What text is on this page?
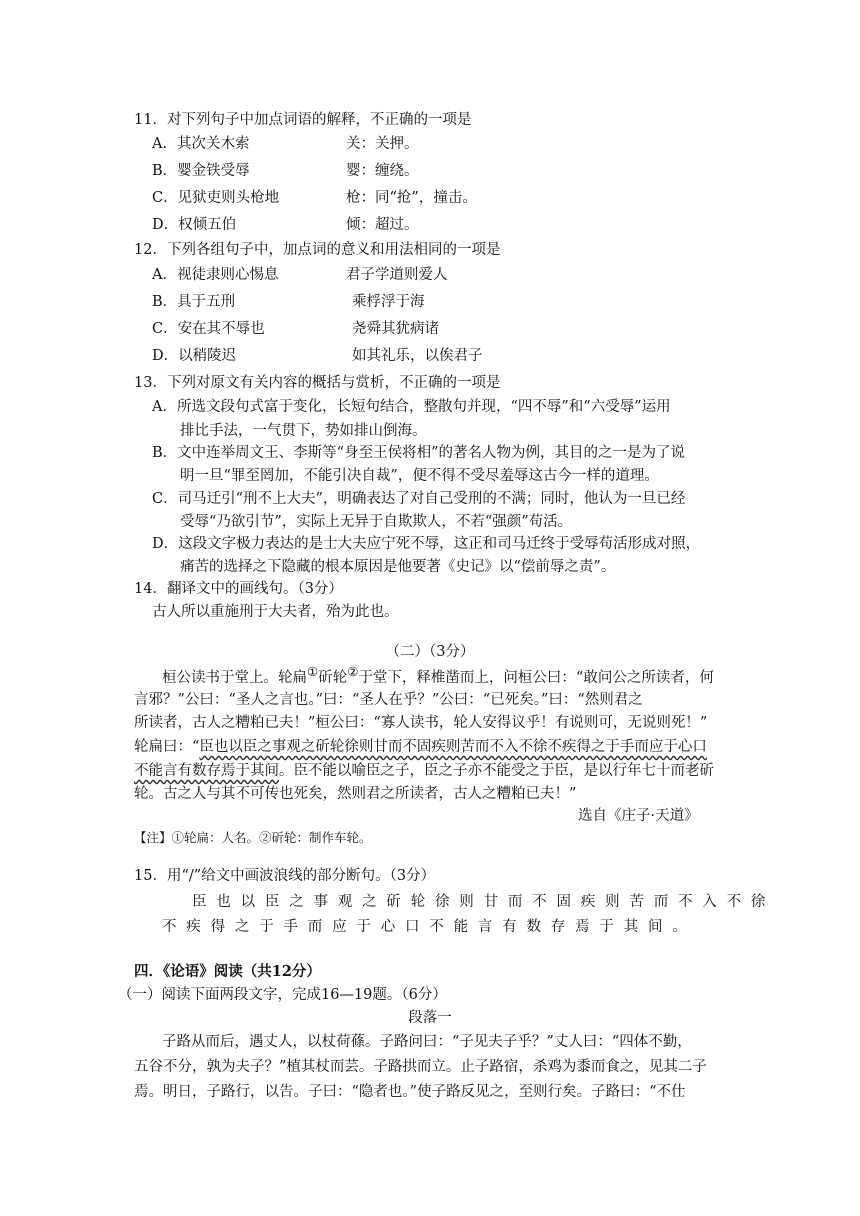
11．对下列句子中加点词语的解释，不正确的一项是
A．其次关木索	关：关押。
B．婴金铁受辱	婴：缠绕。
C．见狱吏则头枪地	枪：同“抢”，撞击。
D．权倾五伯	倾：超过。
12．下列各组句子中，加点词的意义和用法相同的一项是
A．视徒隶则心惕息	君子学道则爱人
B．具于五刑	乘桴浮于海
C．安在其不辱也	尧舜其犹病诸
D．以稍陵迟	如其礼乐，以俟君子
13．下列对原文有关内容的概括与赏析，不正确的一项是
A．所选文段句式富于变化，长短句结合，整散句并现，“四不辱”和“六受辱”运用
排比手法，一气贯下，势如排山倒海。
B．文中连举周文王、李斯等“身至王侯将相”的著名人物为例，其目的之一是为了说
明一旦“罪至罔加，不能引决自裁”，便不得不受尽羞辱这古今一样的道理。
C．司马迁引“刑不上大夫”，明确表达了对自己受刑的不满；同时，他认为一旦已经
受辱“乃欲引节”，实际上无异于自欺欺人，不若“强颜”苟活。
D．这段文字极力表达的是士大夫应宁死不辱，这正和司马迁终于受辱苟活形成对照，
痛苦的选择之下隐藏的根本原因是他要著《史记》以“偿前辱之责”。
14．翻译文中的画线句。（3分）
古人所以重施刑于大夫者，殆为此也。
（二）（3分）
桓公读书于堂上。轮扁①斫轮②于堂下，释椎凿而上，问桓公曰：“敢问公之所读者，何
言邪？”公曰：“圣人之言也。”曰：“圣人在乎？”公曰：“已死矣。”曰：“然则君之
所读者，古人之糟粕已夫！”桓公曰：“寡人读书，轮人安得议乎！有说则可，无说则死！”
轮扁曰：“臣也以臣之事观之斫轮徐则甘而不固疾则苦而不入不徐不疾得之于手而应于心口
不能言有数存焉于其间。臣不能以喻臣之子，臣之子亦不能受之于臣，是以行年七十而老斫
轮。古之人与其不可传也死矣，然则君之所读者，古人之糟粕已夫！”
选自《庄子·天道》
【注】①轮扁：人名。②斫轮：制作车轮。
15．用“/”给文中画波浪线的部分断句。（3分）
臣也以臣之事观之斫轮徐则甘而不固疾则苦而不入不徐
不疾得之于手而应于心口不能言有数存焉于其间。
四．《论语》阅读（共12分）
（一）阅读下面两段文字，完成16—19题。（6分）
段落一
子路从而后，遇丈人，以杖荷蓧。子路问曰：“子见夫子乎？”丈人曰：“四体不勤，
五谷不分，孰为夫子？”植其杖而芸。子路拱而立。止子路宿，杀鸡为黍而食之，见其二子
焉。明日，子路行，以告。子曰：“隐者也。”使子路反见之，至则行矣。子路曰：“不仕
